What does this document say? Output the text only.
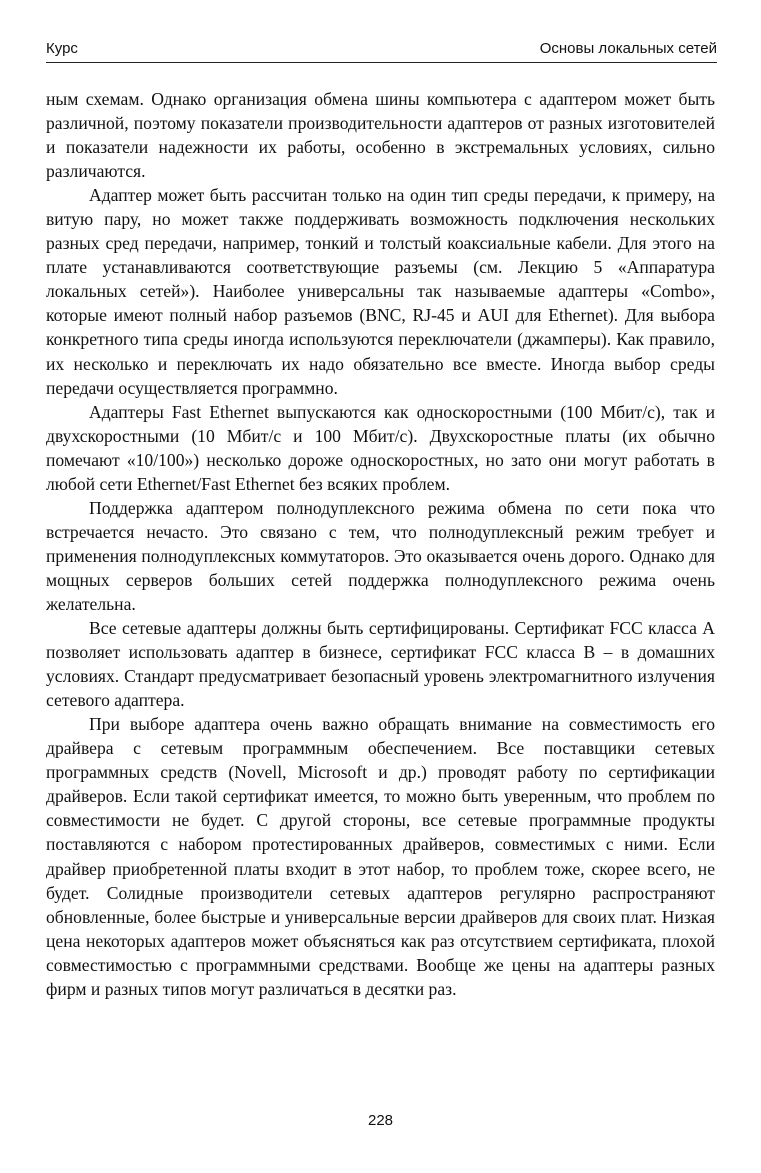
Курс	Основы локальных сетей

ным схемам. Однако организация обмена шины компьютера с адаптером может быть различной, поэтому показатели производительности адаптеров от разных изготовителей и показатели надежности их работы, особенно в экстремальных условиях, сильно различаются.

Адаптер может быть рассчитан только на один тип среды передачи, к примеру, на витую пару, но может также поддерживать возможность подключения нескольких разных сред передачи, например, тонкий и толстый коаксиальные кабели. Для этого на плате устанавливаются соответствующие разъемы (см. Лекцию 5 «Аппаратура локальных сетей»). Наиболее универсальны так называемые адаптеры «Combo», которые имеют полный набор разъемов (BNC, RJ-45 и AUI для Ethernet). Для выбора конкретного типа среды иногда используются переключатели (джамперы). Как правило, их несколько и переключать их надо обязательно все вместе. Иногда выбор среды передачи осуществляется программно.

Адаптеры Fast Ethernet выпускаются как односкоростными (100 Мбит/с), так и двухскоростными (10 Мбит/с и 100 Мбит/с). Двухскоростные платы (их обычно помечают «10/100») несколько дороже односкоростных, но зато они могут работать в любой сети Ethernet/Fast Ethernet без всяких проблем.

Поддержка адаптером полнодуплексного режима обмена по сети пока что встречается нечасто. Это связано с тем, что полнодуплексный режим требует и применения полнодуплексных коммутаторов. Это оказывается очень дорого. Однако для мощных серверов больших сетей поддержка полнодуплексного режима очень желательна.

Все сетевые адаптеры должны быть сертифицированы. Сертификат FCC класса A позволяет использовать адаптер в бизнесе, сертификат FCC класса B – в домашних условиях. Стандарт предусматривает безопасный уровень электромагнитного излучения сетевого адаптера.

При выборе адаптера очень важно обращать внимание на совместимость его драйвера с сетевым программным обеспечением. Все поставщики сетевых программных средств (Novell, Microsoft и др.) проводят работу по сертификации драйверов. Если такой сертификат имеется, то можно быть уверенным, что проблем по совместимости не будет. С другой стороны, все сетевые программные продукты поставляются с набором протестированных драйверов, совместимых с ними. Если драйвер приобретенной платы входит в этот набор, то проблем тоже, скорее всего, не будет. Солидные производители сетевых адаптеров регулярно распространяют обновленные, более быстрые и универсальные версии драйверов для своих плат. Низкая цена некоторых адаптеров может объясняться как раз отсутствием сертификата, плохой совместимостью с программными средствами. Вообще же цены на адаптеры разных фирм и разных типов могут различаться в десятки раз.

228
